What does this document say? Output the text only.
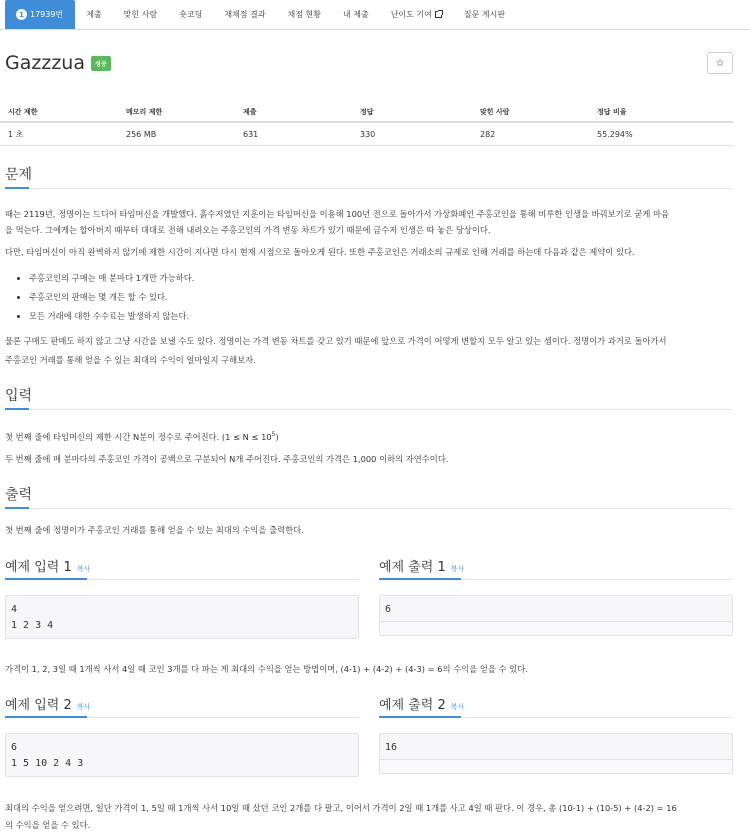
1 17939번	제출	맞힌 사람	숏코딩	재채점 결과	채점 현황	내 제출	난이도 기여	질문 게시판
Gazzzua	성공	☆
시간 제한	메모리 제한	제출	정답	맞힌 사람	정답 비율
1 초	256 MB	631	330	282	55.294%
문제
때는 2119년, 정명이는 드디어 타임머신을 개발했다. 흙수저였던 지훈이는 타임머신을 이용해 100년 전으로 돌아가서 가상화폐인 주홍코인을 통해 비루한 인생을 바꿔보기로 굳게 마음
을 먹는다. 그에게는 할아버지 때부터 대대로 전해 내려오는 주홍코인의 가격 변동 차트가 있기 때문에 금수저 인생은 따 놓은 당상이다.
다만, 타임머신이 아직 완벽하지 않기에 제한 시간이 지나면 다시 현재 시점으로 돌아오게 된다. 또한 주홍코인은 거래소의 규제로 인해 거래를 하는데 다음과 같은 제약이 있다.
• 주홍코인의 구매는 매 분마다 1개만 가능하다.
• 주홍코인의 판매는 몇 개든 할 수 있다.
• 모든 거래에 대한 수수료는 발생하지 않는다.
물론 구매도 판매도 하지 않고 그냥 시간을 보낼 수도 있다. 정명이는 가격 변동 차트를 갖고 있기 때문에 앞으로 가격이 어떻게 변할지 모두 알고 있는 셈이다. 정명이가 과거로 돌아가서
주홍코인 거래를 통해 얻을 수 있는 최대의 수익이 얼마일지 구해보자.
입력
첫 번째 줄에 타임머신의 제한 시간 N분이 정수로 주어진다. $(1 \le N \le 10^5)$
두 번째 줄에 매 분마다의 주홍코인 가격이 공백으로 구분되어 N개 주어진다. 주홍코인의 가격은 1,000 이하의 자연수이다.
출력
첫 번째 줄에 정명이가 주홍코인 거래를 통해 얻을 수 있는 최대의 수익을 출력한다.
예제 입력 1 복사
4
1 2 3 4
예제 출력 1 복사
6
가격이 1, 2, 3일 때 1개씩 사서 4일 때 코인 3개를 다 파는 게 최대의 수익을 얻는 방법이며, (4-1) + (4-2) + (4-3) = 6의 수익을 얻을 수 있다.
예제 입력 2 복사
6
1 5 10 2 4 3
예제 출력 2 복사
16
최대의 수익을 얻으려면, 일단 가격이 1, 5일 때 1개씩 사서 10일 때 샀던 코인 2개를 다 팔고, 이어서 가격이 2일 때 1개를 사고 4일 때 판다. 이 경우, 총 (10-1) + (10-5) + (4-2) = 16
의 수익을 얻을 수 있다.
